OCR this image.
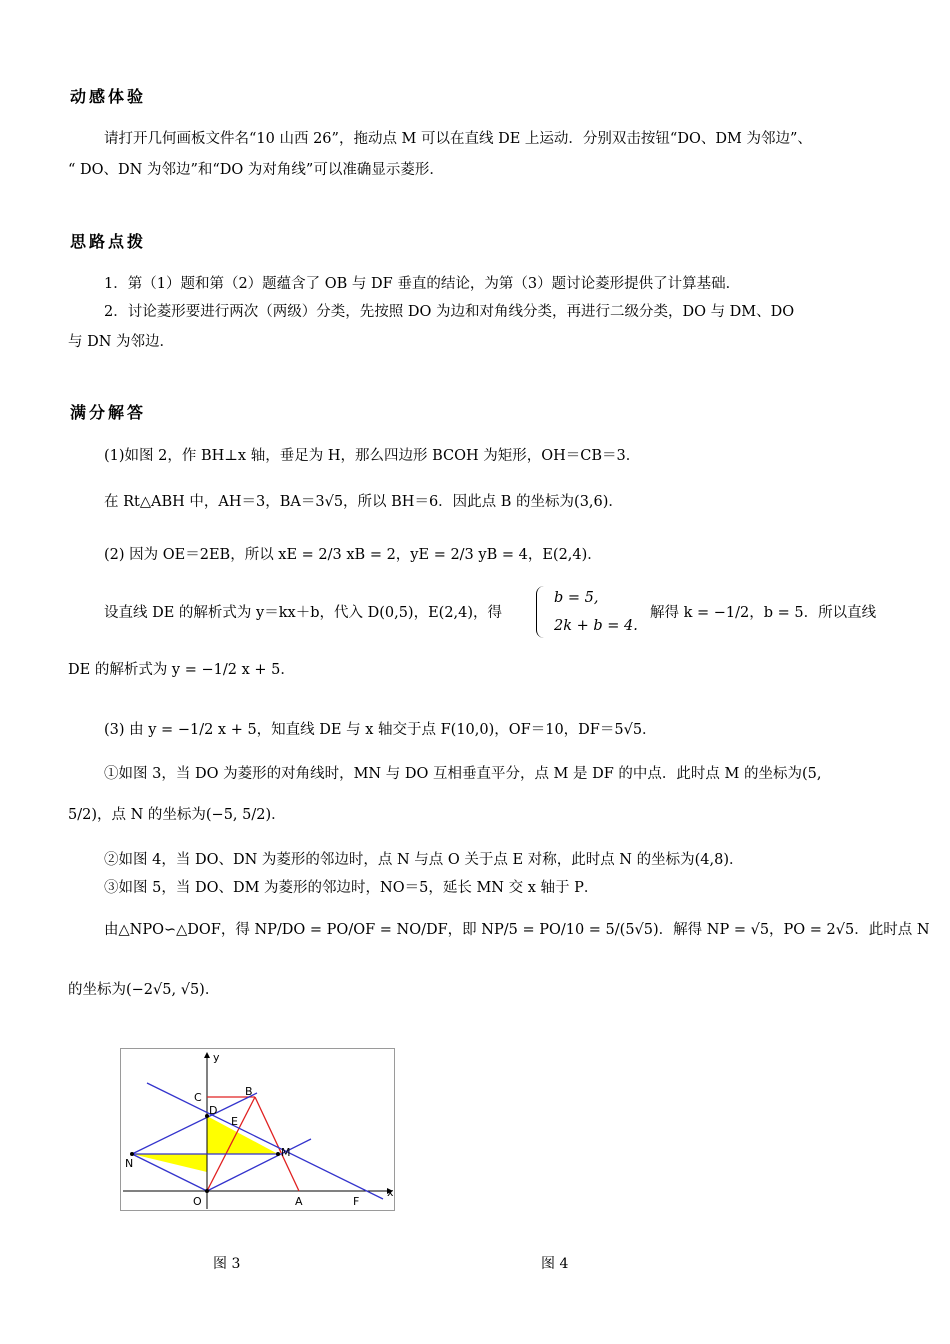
动感体验
请打开几何画板文件名“10 山西 26”，拖动点 M 可以在直线 DE 上运动．分别双击按钮“DO、DM 为邻边”、
“ DO、DN 为邻边”和“DO 为对角线”可以准确显示菱形．
思路点拨
1．第（1）题和第（2）题蕴含了 OB 与 DF 垂直的结论，为第（3）题讨论菱形提供了计算基础．
2．讨论菱形要进行两次（两级）分类，先按照 DO 为边和对角线分类，再进行二级分类，DO 与 DM、DO
与 DN 为邻边．
满分解答
(1)如图 2，作 BH⊥x 轴，垂足为 H，那么四边形 BCOH 为矩形，OH＝CB＝3．
在 Rt△ABH 中，AH＝3，BA＝3√5，所以 BH＝6．因此点 B 的坐标为(3,6)．
(2) 因为 OE＝2EB，所以 xE = 2/3 xB = 2，yE = 2/3 yB = 4，E(2,4)．
设直线 DE 的解析式为 y＝kx＋b，代入 D(0,5)，E(2,4)，得
b = 5,
2k + b = 4.
解得 k = −1/2，b = 5．所以直线
DE 的解析式为 y = −1/2 x + 5．
(3) 由 y = −1/2 x + 5，知直线 DE 与 x 轴交于点 F(10,0)，OF＝10，DF＝5√5．
①如图 3，当 DO 为菱形的对角线时，MN 与 DO 互相垂直平分，点 M 是 DF 的中点．此时点 M 的坐标为(5,
5/2)，点 N 的坐标为(−5, 5/2)．
②如图 4，当 DO、DN 为菱形的邻边时，点 N 与点 O 关于点 E 对称，此时点 N 的坐标为(4,8)．
③如图 5，当 DO、DM 为菱形的邻边时，NO＝5，延长 MN 交 x 轴于 P．
由△NPO∽△DOF，得 NP/DO = PO/OF = NO/DF，即 NP/5 = PO/10 = 5/(5√5)．解得 NP = √5，PO = 2√5．此时点 N
的坐标为(−2√5, √5)．
y
x
C	B
D
E
M
N
O	A	F
图 3	图 4
